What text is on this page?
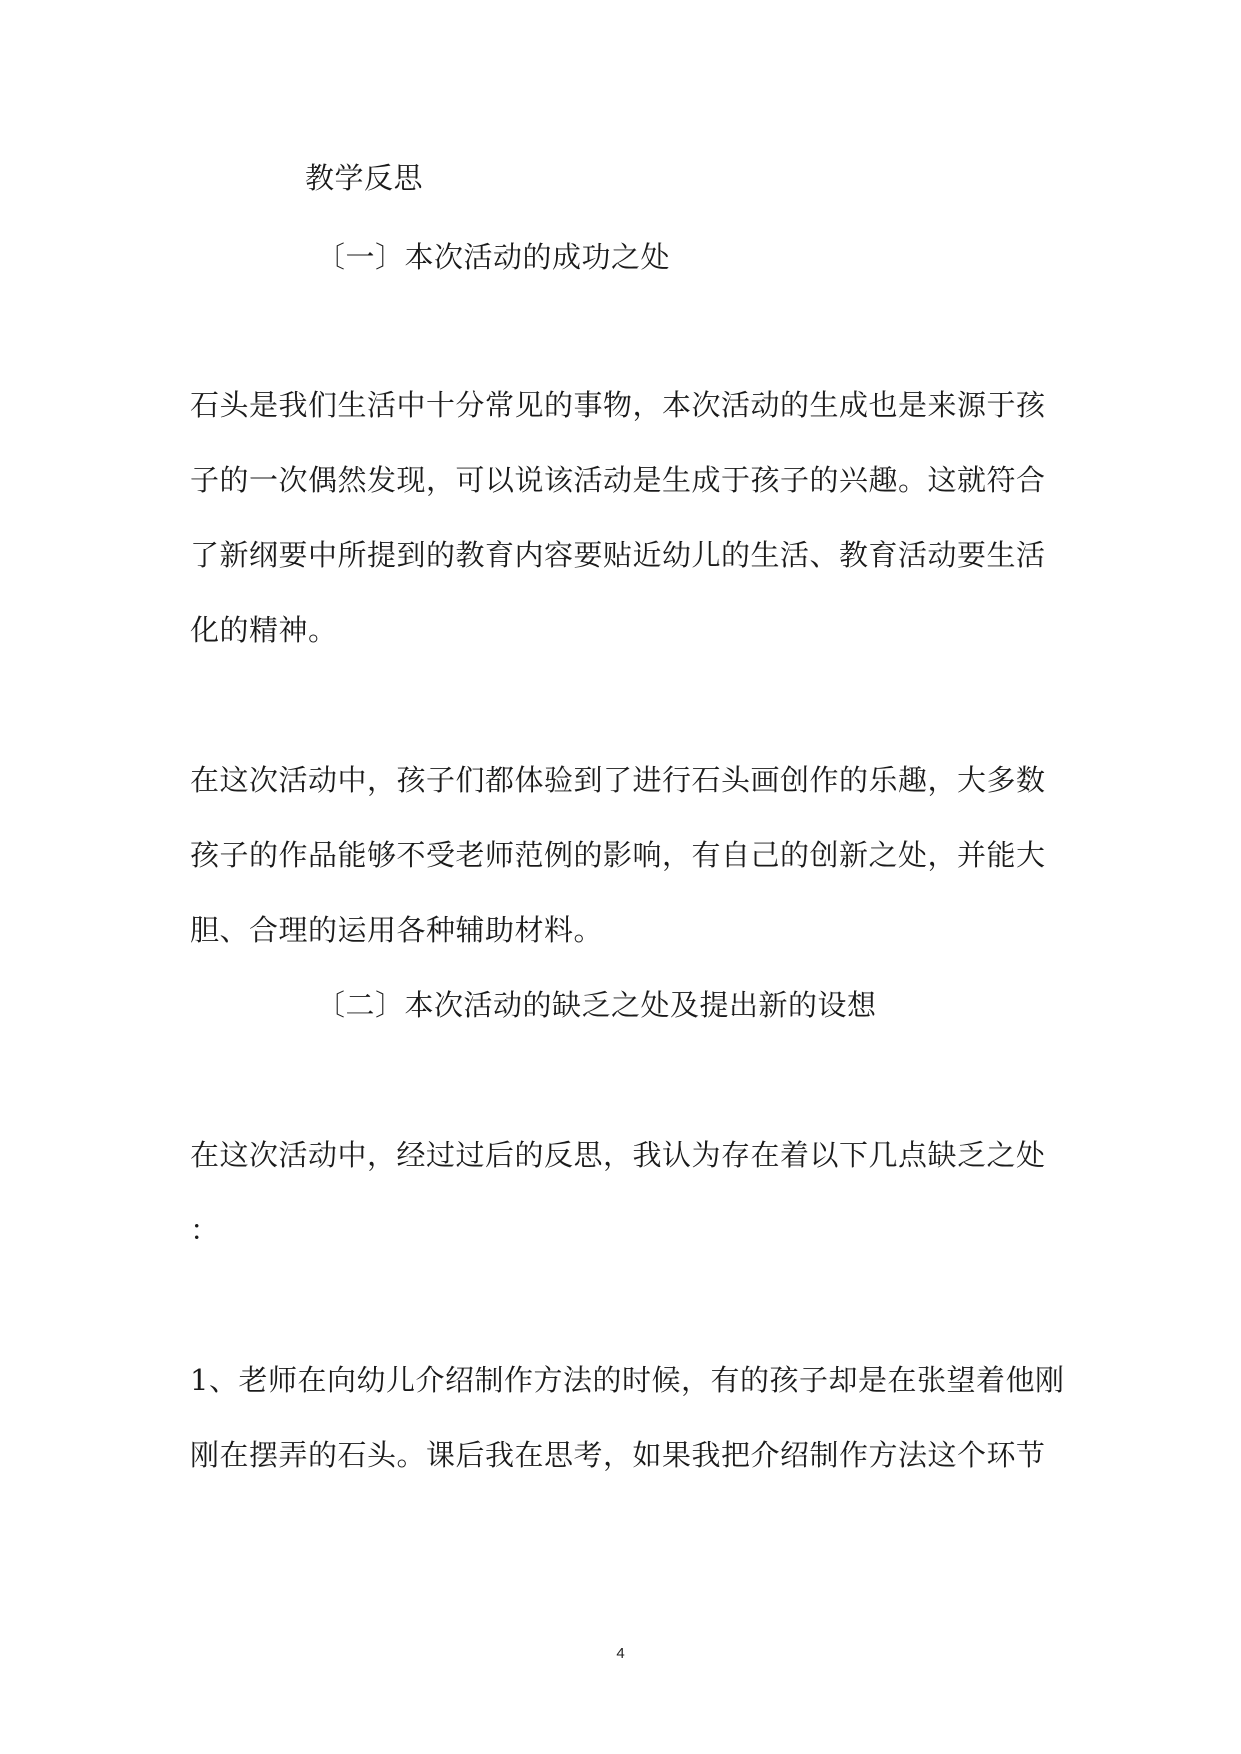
教学反思
〔一〕本次活动的成功之处
石头是我们生活中十分常见的事物，本次活动的生成也是来源于孩
子的一次偶然发现，可以说该活动是生成于孩子的兴趣。这就符合
了新纲要中所提到的教育内容要贴近幼儿的生活、教育活动要生活
化的精神。
在这次活动中，孩子们都体验到了进行石头画创作的乐趣，大多数
孩子的作品能够不受老师范例的影响，有自己的创新之处，并能大
胆、合理的运用各种辅助材料。
〔二〕本次活动的缺乏之处及提出新的设想
在这次活动中，经过过后的反思，我认为存在着以下几点缺乏之处
：
1、老师在向幼儿介绍制作方法的时候，有的孩子却是在张望着他刚
刚在摆弄的石头。课后我在思考，如果我把介绍制作方法这个环节
4
